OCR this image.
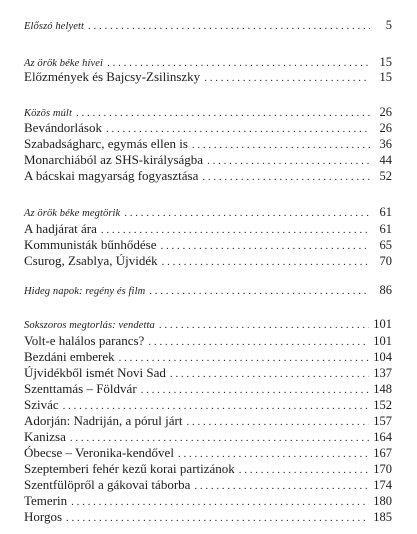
Előszó helyett . . .	5
Az örök béke hívei . . .	15
Előzmények és Bajcsy-Zsilinszky . . .	15
Közös múlt . . .	26
Bevándorlások . . .	26
Szabadságharc, egymás ellen is . . .	36
Monarchiából az SHS-királyságba . . .	44
A bácskai magyarság fogyasztása . . .	52
Az örök béke megtörik . . .	61
A hadjárat ára . . .	61
Kommunisták bűnhődése . . .	65
Csurog, Zsablya, Újvidék . . .	70
Hideg napok: regény és film . . .	86
Sokszoros megtorlás: vendetta . . .	101
Volt-e halálos parancs? . . .	101
Bezdáni emberek . . .	104
Újvidékből ismét Novi Sad . . .	137
Szenttamás – Földvár . . .	148
Szivác . . .	152
Adorján: Nadriján, a pórul járt . . .	157
Kanizsa . . .	164
Óbecse – Veronika-kendővel . . .	167
Szeptemberi fehér kezű korai partizánok . . .	170
Szentfülöpről a gákovai táborba . . .	174
Temerin . . .	180
Horgos . . .	185
